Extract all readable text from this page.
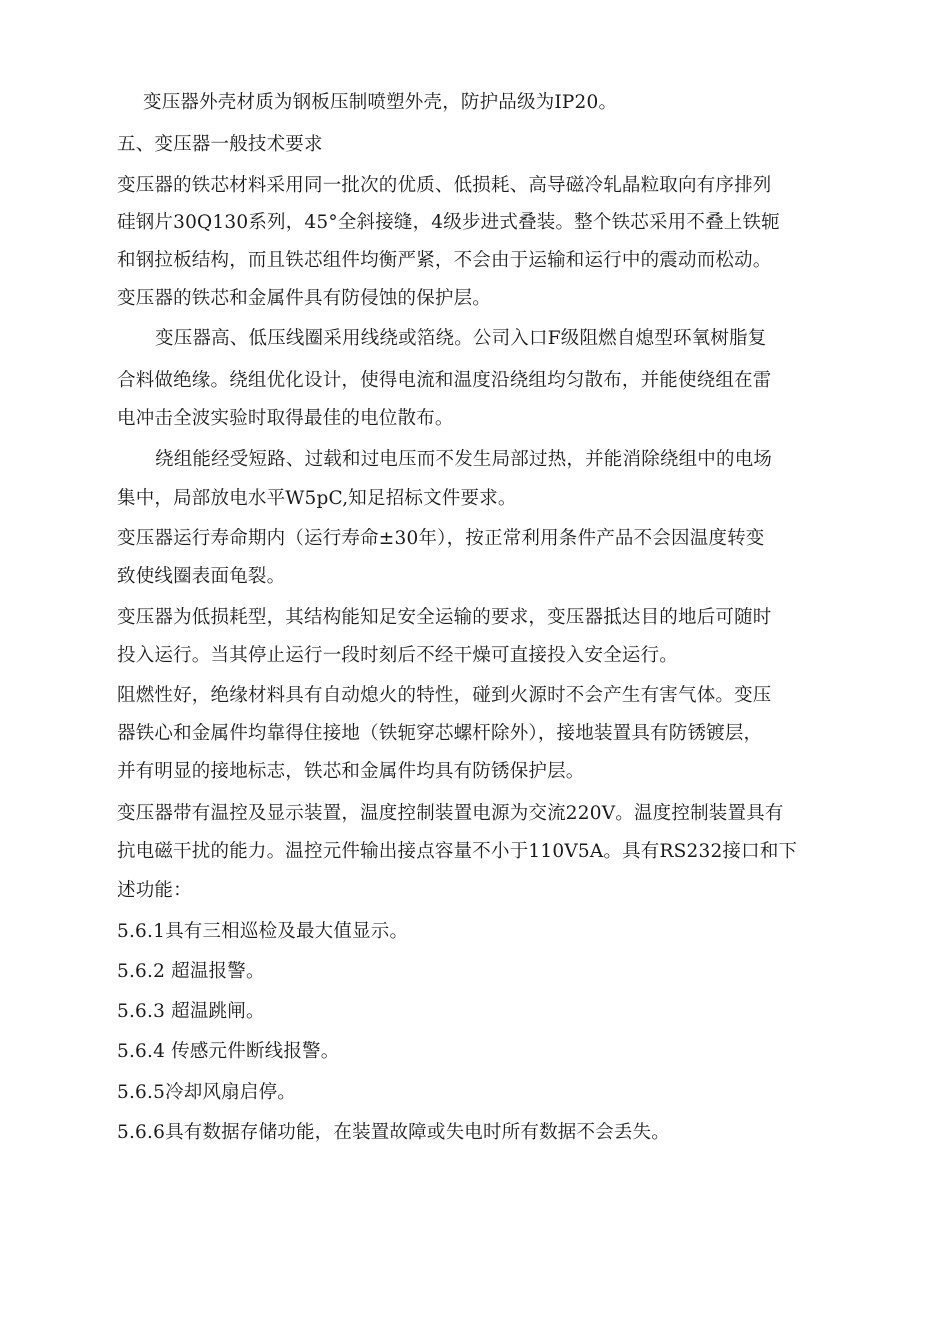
变压器外壳材质为钢板压制喷塑外壳，防护品级为IP20。
五、变压器一般技术要求
变压器的铁芯材料采用同一批次的优质、低损耗、高导磁冷轧晶粒取向有序排列
硅钢片30Q130系列，45°全斜接缝，4级步进式叠装。整个铁芯采用不叠上铁轭
和钢拉板结构，而且铁芯组件均衡严紧，不会由于运输和运行中的震动而松动。
变压器的铁芯和金属件具有防侵蚀的保护层。
变压器高、低压线圈采用线绕或箔绕。公司入口F级阻燃自熄型环氧树脂复
合料做绝缘。绕组优化设计，使得电流和温度沿绕组均匀散布，并能使绕组在雷
电冲击全波实验时取得最佳的电位散布。
绕组能经受短路、过载和过电压而不发生局部过热，并能消除绕组中的电场
集中，局部放电水平W5pC,知足招标文件要求。
变压器运行寿命期内（运行寿命±30年），按正常利用条件产品不会因温度转变
致使线圈表面龟裂。
变压器为低损耗型，其结构能知足安全运输的要求，变压器抵达目的地后可随时
投入运行。当其停止运行一段时刻后不经干燥可直接投入安全运行。
阻燃性好，绝缘材料具有自动熄火的特性，碰到火源时不会产生有害气体。变压
器铁心和金属件均靠得住接地（铁轭穿芯螺杆除外），接地装置具有防锈镀层，
并有明显的接地标志，铁芯和金属件均具有防锈保护层。
变压器带有温控及显示装置，温度控制装置电源为交流220V。温度控制装置具有
抗电磁干扰的能力。温控元件输出接点容量不小于110V5A。具有RS232接口和下
述功能：
5.6.1具有三相巡检及最大值显示。
5.6.2 超温报警。
5.6.3 超温跳闸。
5.6.4 传感元件断线报警。
5.6.5冷却风扇启停。
5.6.6具有数据存储功能，在装置故障或失电时所有数据不会丢失。
